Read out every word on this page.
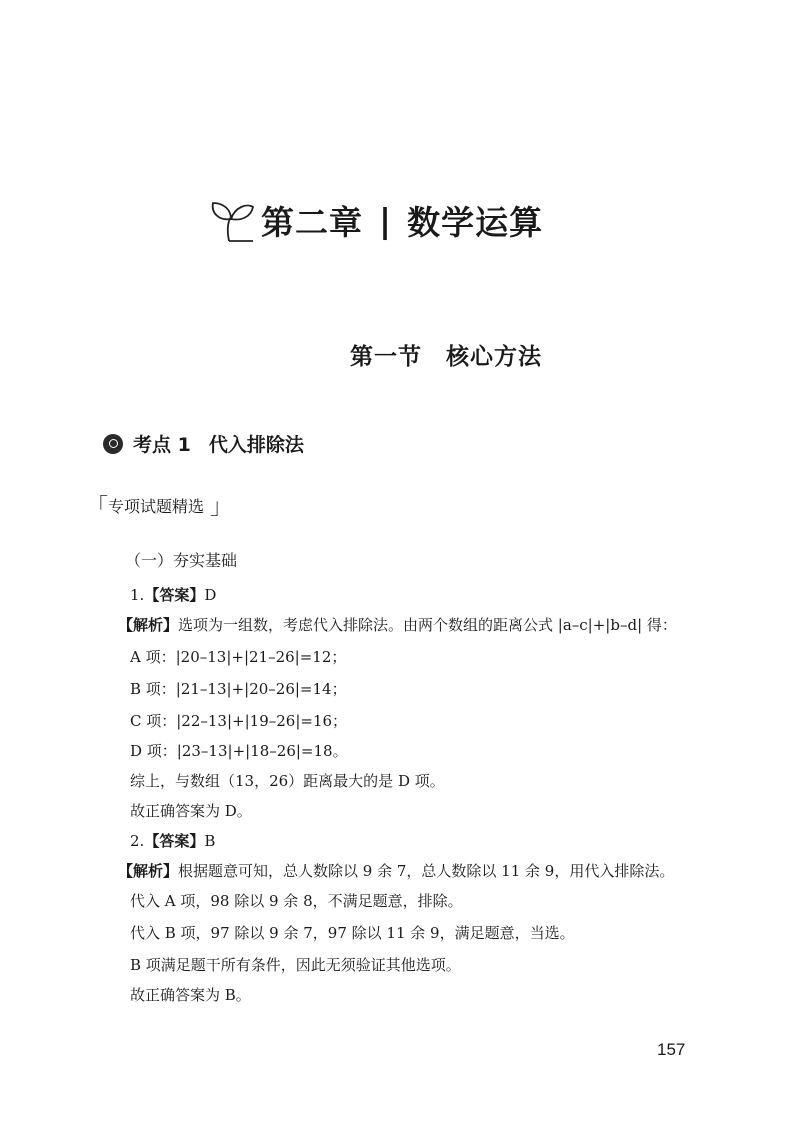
第二章 | 数学运算
第一节　核心方法
考点 1 代入排除法
「 专项试题精选 」
（一）夯实基础
1.【答案】D
【解析】选项为一组数，考虑代入排除法。由两个数组的距离公式 |a–c|+|b–d| 得：
A 项：|20–13|+|21–26|=12；
B 项：|21–13|+|20–26|=14；
C 项：|22–13|+|19–26|=16；
D 项：|23–13|+|18–26|=18。
综上，与数组（13，26）距离最大的是 D 项。
故正确答案为 D。
2.【答案】B
【解析】根据题意可知，总人数除以 9 余 7，总人数除以 11 余 9，用代入排除法。
代入 A 项，98 除以 9 余 8，不满足题意，排除。
代入 B 项，97 除以 9 余 7，97 除以 11 余 9，满足题意，当选。
B 项满足题干所有条件，因此无须验证其他选项。
故正确答案为 B。
157
